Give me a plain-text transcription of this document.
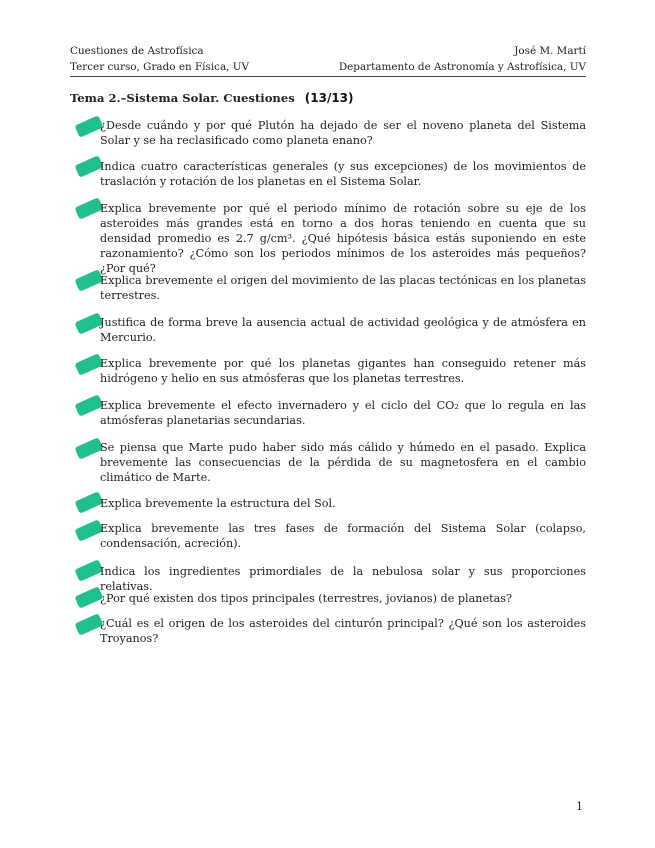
Cuestiones de Astrofísica	José M. Martí
Tercer curso, Grado en Física, UV	Departamento de Astronomía y Astrofísica, UV
Tema 2.–Sistema Solar. Cuestiones (13/13)
¿Desde cuándo y por qué Plutón ha dejado de ser el noveno planeta del Sistema Solar y se ha reclasificado como planeta enano?
Indica cuatro características generales (y sus excepciones) de los movimientos de traslación y rotación de los planetas en el Sistema Solar.
Explica brevemente por qué el periodo mínimo de rotación sobre su eje de los asteroides más grandes está en torno a dos horas teniendo en cuenta que su densidad promedio es 2.7 g/cm³. ¿Qué hipótesis básica estás suponiendo en este razonamiento? ¿Cómo son los periodos mínimos de los asteroides más pequeños? ¿Por qué?
Explica brevemente el origen del movimiento de las placas tectónicas en los planetas terrestres.
Justifica de forma breve la ausencia actual de actividad geológica y de atmósfera en Mercurio.
Explica brevemente por qué los planetas gigantes han conseguido retener más hidrógeno y helio en sus atmósferas que los planetas terrestres.
Explica brevemente el efecto invernadero y el ciclo del CO₂ que lo regula en las atmósferas planetarias secundarias.
Se piensa que Marte pudo haber sido más cálido y húmedo en el pasado. Explica brevemente las consecuencias de la pérdida de su magnetosfera en el cambio climático de Marte.
Explica brevemente la estructura del Sol.
Explica brevemente las tres fases de formación del Sistema Solar (colapso, condensación, acreción).
Indica los ingredientes primordiales de la nebulosa solar y sus proporciones relativas.
¿Por qué existen dos tipos principales (terrestres, jovianos) de planetas?
¿Cuál es el origen de los asteroides del cinturón principal? ¿Qué son los asteroides Troyanos?
1
